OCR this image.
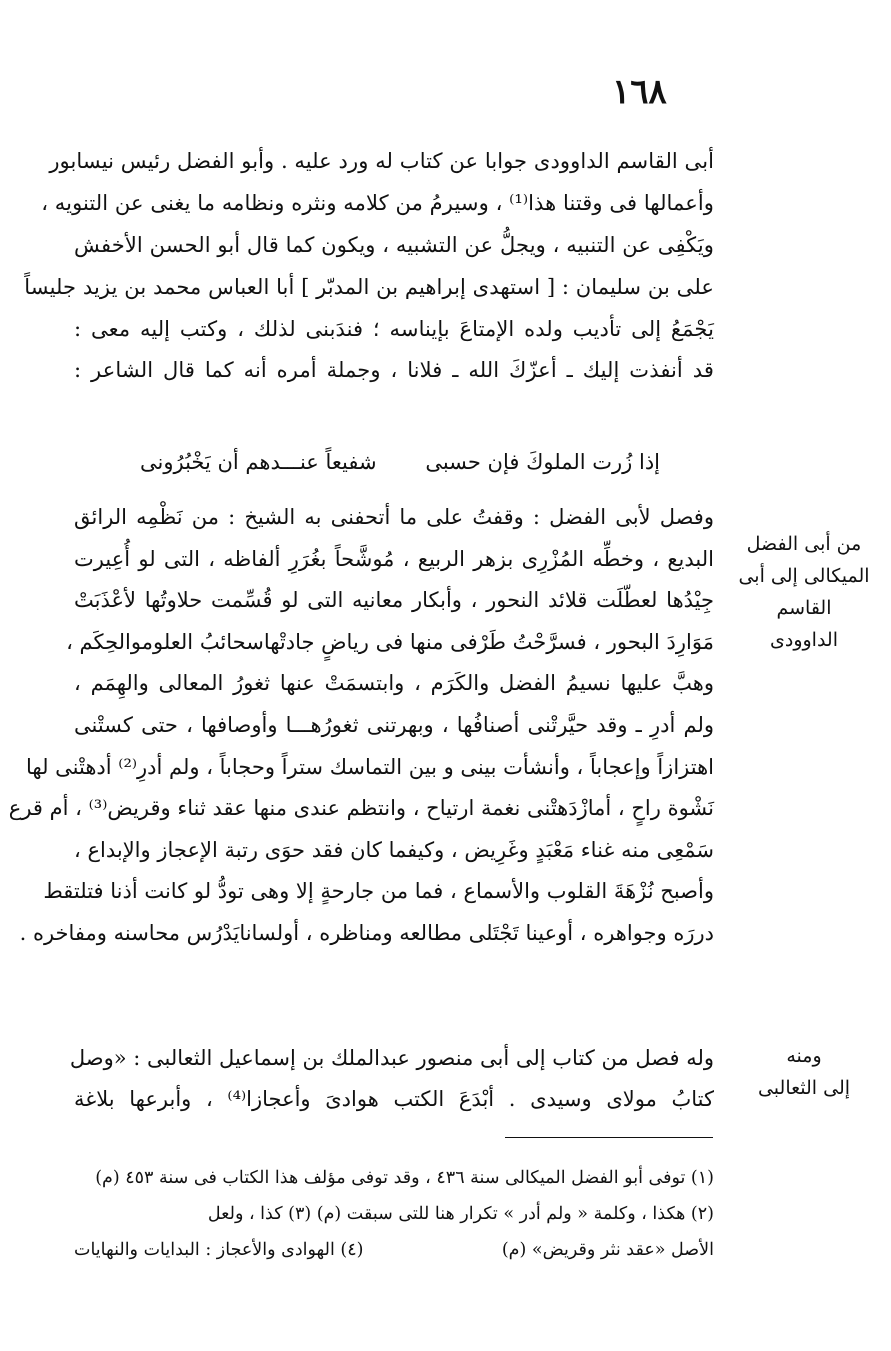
١٦٨
أبى القاسم الداوودى جوابا عن كتاب له ورد عليه . وأبو الفضل رئيس نيسابور
وأعمالها فى وقتنا هذا⁽¹⁾ ، وسيرمُ من كلامه ونثره ونظامه ما يغنى عن التنويه ،
ويَكْفِى عن التنبيه ، ويجلُّ عن التشبيه ، ويكون كما قال أبو الحسن الأخفش
على بن سليمان : [ استهدى إبراهيم بن المدبّر ] أبا العباس محمد بن يزيد جليساً
يَجْمَعُ إلى تأديب ولده الإمتاعَ بإيناسه ؛ فندَبنى لذلك ، وكتب إليه معى :
قد أنفذت إليك ـ أعزّكَ الله ـ فلانا ، وجملة أمره أنه كما قال الشاعر :
إذا زُرت الملوكَ فإن حسبى
شفيعاً عنـــدهم أن يَخْبُرُونى
من أبى الفضل
الميكالى إلى أبى
القاسم
الداوودى
وفصل لأبى الفضل : وقفتُ على ما أتحفنى به الشيخ : من نَظْمِه الرائق
البديع ، وخطِّه المُزْرِى بزهر الربيع ، مُوشَّحاً بغُرَرِ ألفاظه ، التى لو أُعِيرت
جِيْدُها لعطّلَت قلائد النحور ، وأبكار معانيه التى لو قُسِّمت حلاوتُها لأعْذَبَتْ
مَوَارِدَ البحور ، فسرَّحْتُ طَرْفى منها فى رياضٍ جادتْهاسحائبُ العلوموالحِكَم ،
وهبَّ عليها نسيمُ الفضل والكَرَم ، وابتسمَتْ عنها ثغورُ المعالى والهِمَم ،
ولم أدرِ ـ وقد حيَّرتْنى أصنافُها ، وبهرتنى ثغورُهـــا وأوصافها ، حتى كستْنى
اهتزازاً وإعجاباً ، وأنشأت بينى و بين التماسك ستراً وحجاباً ، ولم أدرِ⁽²⁾ أدهتْنى لها
نَشْوة راحٍ ، أمازْدَهتْنى نغمة ارتياح ، وانتظم عندى منها عقد ثناء وقريض⁽³⁾ ، أم قرع
سَمْعِى منه غناء مَعْبَدٍ وغَرِيض ، وكيفما كان فقد حوَى رتبة الإعجاز والإبداع ،
وأصبح نُزْهَةَ القلوب والأسماع ، فما من جارحةٍ إلا وهى تودُّ لو كانت أذنا فتلتقط
دررَه وجواهره ، أوعينا تَجْتَلى مطالعه ومناظره ، أولسانايَدْرُس محاسنه ومفاخره .
ومنه
إلى الثعالبى
وله فصل من كتاب إلى أبى منصور عبدالملك بن إسماعيل الثعالبى : «وصل
كتابُ مولاى وسيدى . أبْدَعَ الكتب هوادىَ وأعجازا⁽⁴⁾ ، وأبرعها بلاغة
(١) توفى أبو الفضل الميكالى سنة ٤٣٦ ، وقد توفى مؤلف هذا الكتاب فى سنة ٤٥٣ (م)
(٢) هكذا ، وكلمة « ولم أدر » تكرار هنا للتى سبقت (م) (٣) كذا ، ولعل
الأصل «عقد نثر وقريض» (م)
(٤) الهوادى والأعجاز : البدايات والنهايات
